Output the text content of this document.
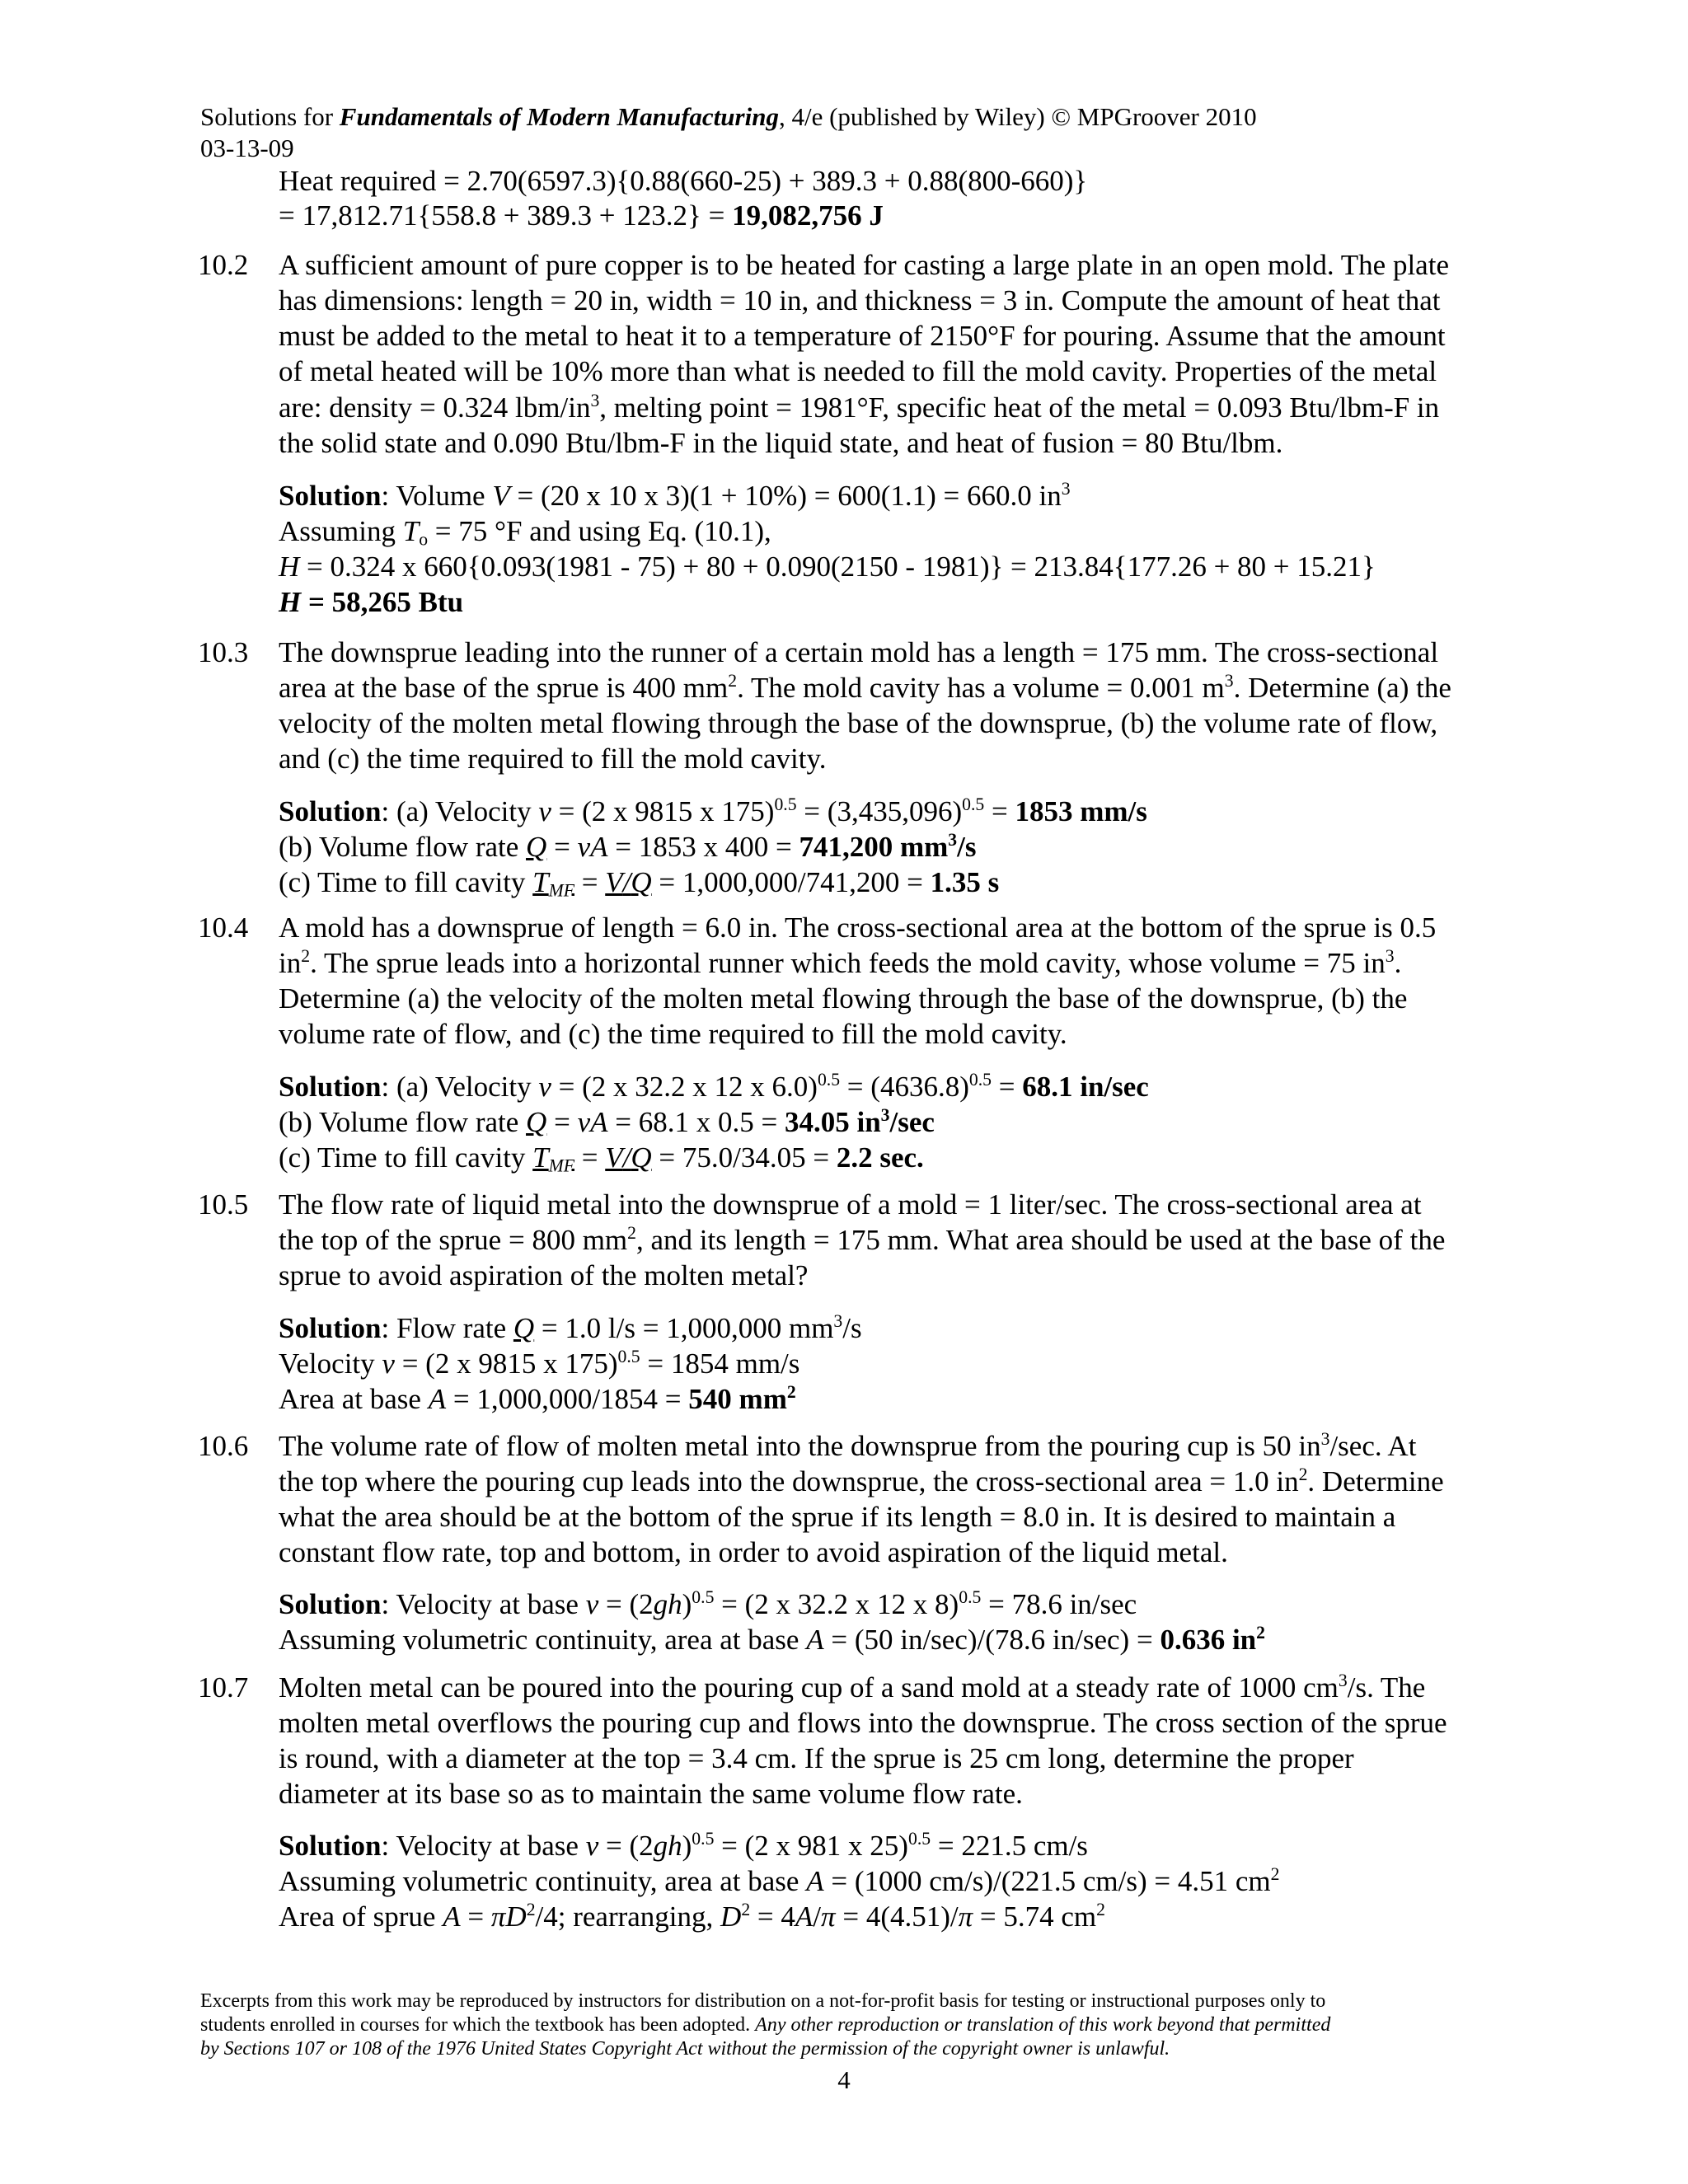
Solutions for Fundamentals of Modern Manufacturing, 4/e (published by Wiley) © MPGroover 2010
03-13-09
Heat required = 2.70(6597.3){0.88(660-25) + 389.3 + 0.88(800-660)}
= 17,812.71{558.8 + 389.3 + 123.2} = 19,082,756 J
10.2 A sufficient amount of pure copper is to be heated for casting a large plate in an open mold. The plate
has dimensions: length = 20 in, width = 10 in, and thickness = 3 in. Compute the amount of heat that
must be added to the metal to heat it to a temperature of 2150°F for pouring. Assume that the amount
of metal heated will be 10% more than what is needed to fill the mold cavity. Properties of the metal
are: density = 0.324 lbm/$in^3$, melting point = 1981°F, specific heat of the metal = 0.093 Btu/lbm-F in
the solid state and 0.090 Btu/lbm-F in the liquid state, and heat of fusion = 80 Btu/lbm.
Solution: Volume V = (20 x 10 x 3)(1 + 10%) = 600(1.1) = 660.0 $in^3$
Assuming $T_o = 75$ °F and using Eq. (10.1),
H = 0.324 x 660{0.093(1981 - 75) + 80 + 0.090(2150 - 1981)} = 213.84{177.26 + 80 + 15.21}
H = 58,265 Btu
10.3 The downsprue leading into the runner of a certain mold has a length = 175 mm. The cross-sectional
area at the base of the sprue is 400 $mm^2$. The mold cavity has a volume = 0.001 $m^3$. Determine (a) the
velocity of the molten metal flowing through the base of the downsprue, (b) the volume rate of flow,
and (c) the time required to fill the mold cavity.
Solution: (a) Velocity v = (2 x 9815 x $175)^{0.5} = (3,435,096)^{0.5} = 1853$ mm/s
(b) Volume flow rate Q = vA = 1853 x 400 = 741,200 $mm^3/s$
(c) Time to fill cavity $T_{MF} = V/Q = 1,000,000/741,200 = 1.35$ s
10.4 A mold has a downsprue of length = 6.0 in. The cross-sectional area at the bottom of the sprue is 0.5
$in^2$. The sprue leads into a horizontal runner which feeds the mold cavity, whose volume = 75 $in^3$.
Determine (a) the velocity of the molten metal flowing through the base of the downsprue, (b) the
volume rate of flow, and (c) the time required to fill the mold cavity.
Solution: (a) Velocity v = (2 x 32.2 x 12 x $6.0)^{0.5} = (4636.8)^{0.5} = 68.1$ in/sec
(b) Volume flow rate Q = vA = 68.1 x 0.5 = 34.05 $in^3/\sec$
(c) Time to fill cavity $T_{MF} = V/Q = 75.0/34.05 = 2.2$ sec.
10.5 The flow rate of liquid metal into the downsprue of a mold = 1 liter/sec. The cross-sectional area at
the top of the sprue = 800 $mm^2$, and its length = 175 mm. What area should be used at the base of the
sprue to avoid aspiration of the molten metal?
Solution: Flow rate Q = 1.0 l/s = 1,000,000 $mm^3/s$
Velocity v = (2 x 9815 x 175)$^{0.5}$ = 1854 mm/s
Area at base A = 1,000,000/1854 = 540 $mm^2$
10.6 The volume rate of flow of molten metal into the downsprue from the pouring cup is 50 $in^3/\sec$. At
the top where the pouring cup leads into the downsprue, the cross-sectional area = 1.0 $in^2$. Determine
what the area should be at the bottom of the sprue if its length = 8.0 in. It is desired to maintain a
constant flow rate, top and bottom, in order to avoid aspiration of the liquid metal.
Solution: Velocity at base $v = (2gh)^{0.5} = (2$ x 32.2 x 12 x 8)$^{0.5}$ = 78.6 in/sec
Assuming volumetric continuity, area at base A = (50 in/sec)/(78.6 in/sec) = 0.636 $in^2$
10.7 Molten metal can be poured into the pouring cup of a sand mold at a steady rate of 1000 $cm^3/s$. The
molten metal overflows the pouring cup and flows into the downsprue. The cross section of the sprue
is round, with a diameter at the top = 3.4 cm. If the sprue is 25 cm long, determine the proper
diameter at its base so as to maintain the same volume flow rate.
Solution: Velocity at base $v = (2gh)^{0.5} = (2$ x 981 x 25)$^{0.5}$ = 221.5 cm/s
Assuming volumetric continuity, area at base A = (1000 cm/s)/(221.5 cm/s) = 4.51 $cm^2$
Area of sprue $A = \pi D^2/4$; rearranging, $D^2 = 4A/\pi = 4(4.51)/\pi = 5.74$ $cm^2$
Excerpts from this work may be reproduced by instructors for distribution on a not-for-profit basis for testing or instructional purposes only to
students enrolled in courses for which the textbook has been adopted. Any other reproduction or translation of this work beyond that permitted
by Sections 107 or 108 of the 1976 United States Copyright Act without the permission of the copyright owner is unlawful.
4
